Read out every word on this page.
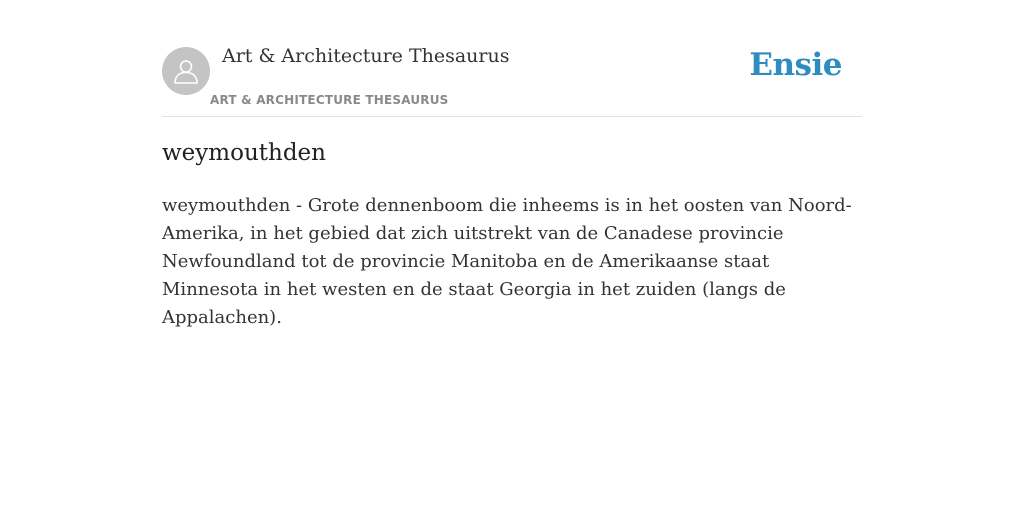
Art & Architecture Thesaurus
ART & ARCHITECTURE THESAURUS
Ensie
weymouthden

weymouthden - Grote dennenboom die inheems is in het oosten van Noord-Amerika, in het gebied dat zich uitstrekt van de Canadese provincie Newfoundland tot de provincie Manitoba en de Amerikaanse staat Minnesota in het westen en de staat Georgia in het zuiden (langs de Appalachen).
